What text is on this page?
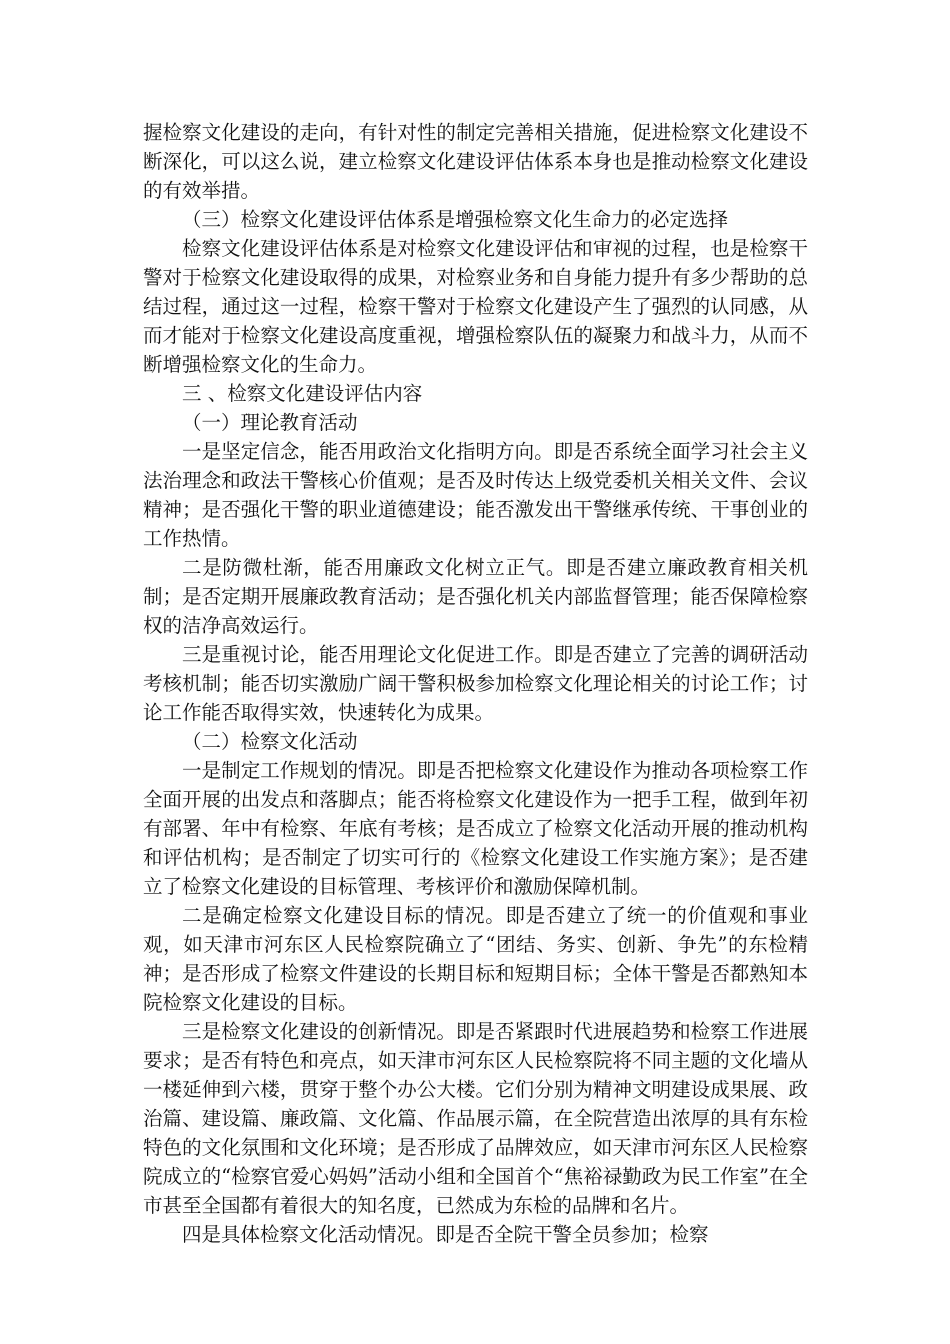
握检察文化建设的走向，有针对性的制定完善相关措施，促进检察文化建设不断深化，可以这么说，建立检察文化建设评估体系本身也是推动检察文化建设的有效举措。

（三）检察文化建设评估体系是增强检察文化生命力的必定选择

检察文化建设评估体系是对检察文化建设评估和审视的过程，也是检察干警对于检察文化建设取得的成果，对检察业务和自身能力提升有多少帮助的总结过程，通过这一过程，检察干警对于检察文化建设产生了强烈的认同感，从而才能对于检察文化建设高度重视，增强检察队伍的凝聚力和战斗力，从而不断增强检察文化的生命力。

三 、检察文化建设评估内容

（一）理论教育活动

一是坚定信念，能否用政治文化指明方向。即是否系统全面学习社会主义法治理念和政法干警核心价值观；是否及时传达上级党委机关相关文件、会议精神；是否强化干警的职业道德建设；能否激发出干警继承传统、干事创业的工作热情。

二是防微杜渐，能否用廉政文化树立正气。即是否建立廉政教育相关机制；是否定期开展廉政教育活动；是否强化机关内部监督管理；能否保障检察权的洁净高效运行。

三是重视讨论，能否用理论文化促进工作。即是否建立了完善的调研活动考核机制；能否切实激励广阔干警积极参加检察文化理论相关的讨论工作；讨论工作能否取得实效，快速转化为成果。

（二）检察文化活动

一是制定工作规划的情况。即是否把检察文化建设作为推动各项检察工作全面开展的出发点和落脚点；能否将检察文化建设作为一把手工程，做到年初有部署、年中有检察、年底有考核；是否成立了检察文化活动开展的推动机构和评估机构；是否制定了切实可行的《检察文化建设工作实施方案》；是否建立了检察文化建设的目标管理、考核评价和激励保障机制。

二是确定检察文化建设目标的情况。即是否建立了统一的价值观和事业观，如天津市河东区人民检察院确立了“团结、务实、创新、争先”的东检精神；是否形成了检察文件建设的长期目标和短期目标；全体干警是否都熟知本院检察文化建设的目标。

三是检察文化建设的创新情况。即是否紧跟时代进展趋势和检察工作进展要求；是否有特色和亮点，如天津市河东区人民检察院将不同主题的文化墙从一楼延伸到六楼，贯穿于整个办公大楼。它们分别为精神文明建设成果展、政治篇、建设篇、廉政篇、文化篇、作品展示篇，在全院营造出浓厚的具有东检特色的文化氛围和文化环境；是否形成了品牌效应，如天津市河东区人民检察院成立的“检察官爱心妈妈”活动小组和全国首个“焦裕禄勤政为民工作室”在全市甚至全国都有着很大的知名度，已然成为东检的品牌和名片。

四是具体检察文化活动情况。即是否全院干警全员参加；检察
